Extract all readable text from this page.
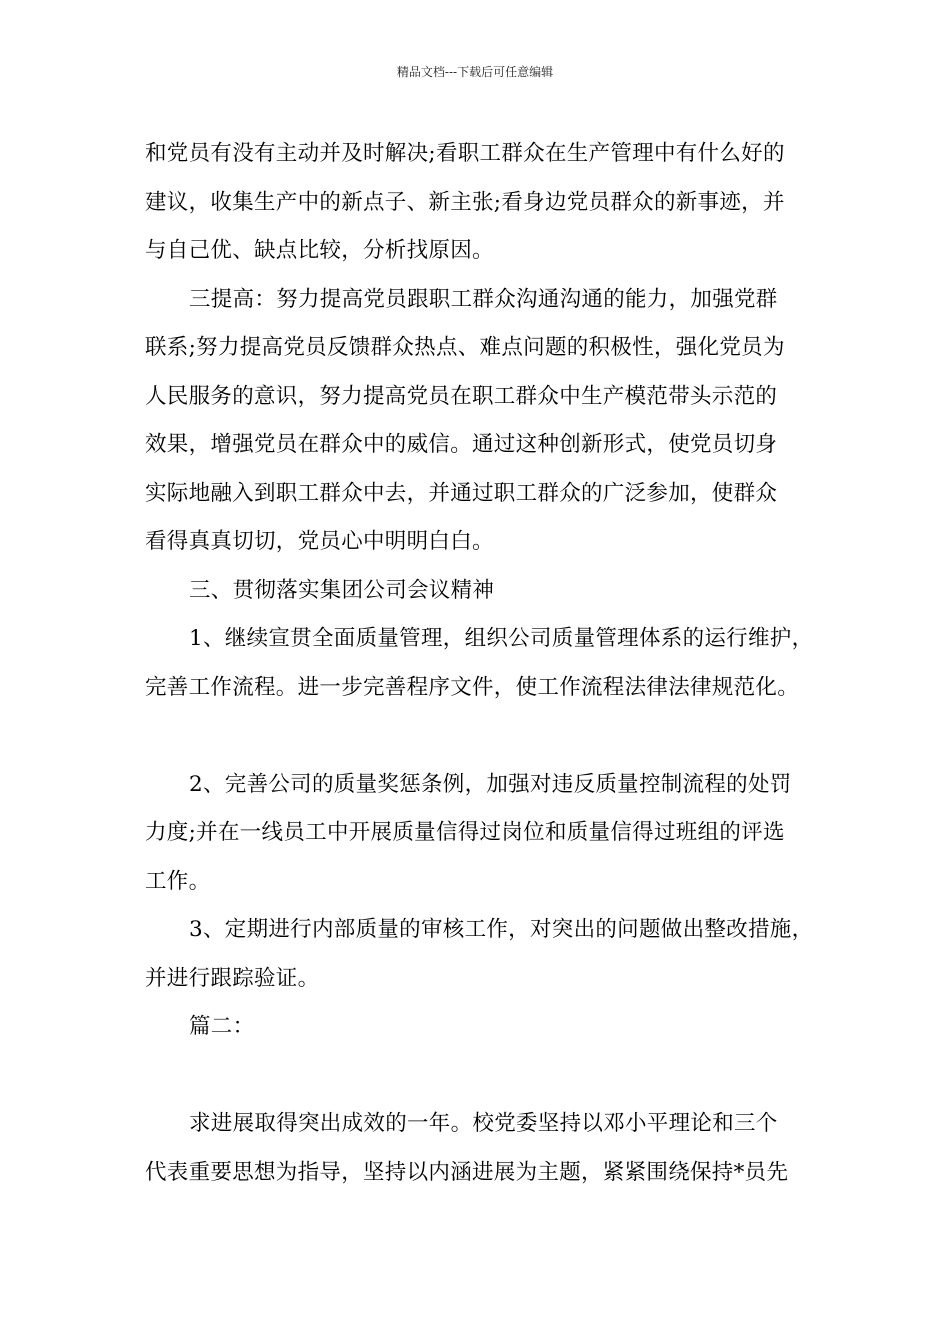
精品文档---下载后可任意编辑
和党员有没有主动并及时解决;看职工群众在生产管理中有什么好的
建议，收集生产中的新点子、新主张;看身边党员群众的新事迹，并
与自己优、缺点比较，分析找原因。
三提高：努力提高党员跟职工群众沟通沟通的能力，加强党群
联系;努力提高党员反馈群众热点、难点问题的积极性，强化党员为
人民服务的意识，努力提高党员在职工群众中生产模范带头示范的
效果，增强党员在群众中的威信。通过这种创新形式，使党员切身
实际地融入到职工群众中去，并通过职工群众的广泛参加，使群众
看得真真切切，党员心中明明白白。
三、贯彻落实集团公司会议精神
1、继续宣贯全面质量管理，组织公司质量管理体系的运行维护，
完善工作流程。进一步完善程序文件，使工作流程法律法律规范化。
2、完善公司的质量奖惩条例，加强对违反质量控制流程的处罚
力度;并在一线员工中开展质量信得过岗位和质量信得过班组的评选
工作。
3、定期进行内部质量的审核工作，对突出的问题做出整改措施，
并进行跟踪验证。
篇二：
求进展取得突出成效的一年。校党委坚持以邓小平理论和三个
代表重要思想为指导，坚持以内涵进展为主题，紧紧围绕保持*员先
